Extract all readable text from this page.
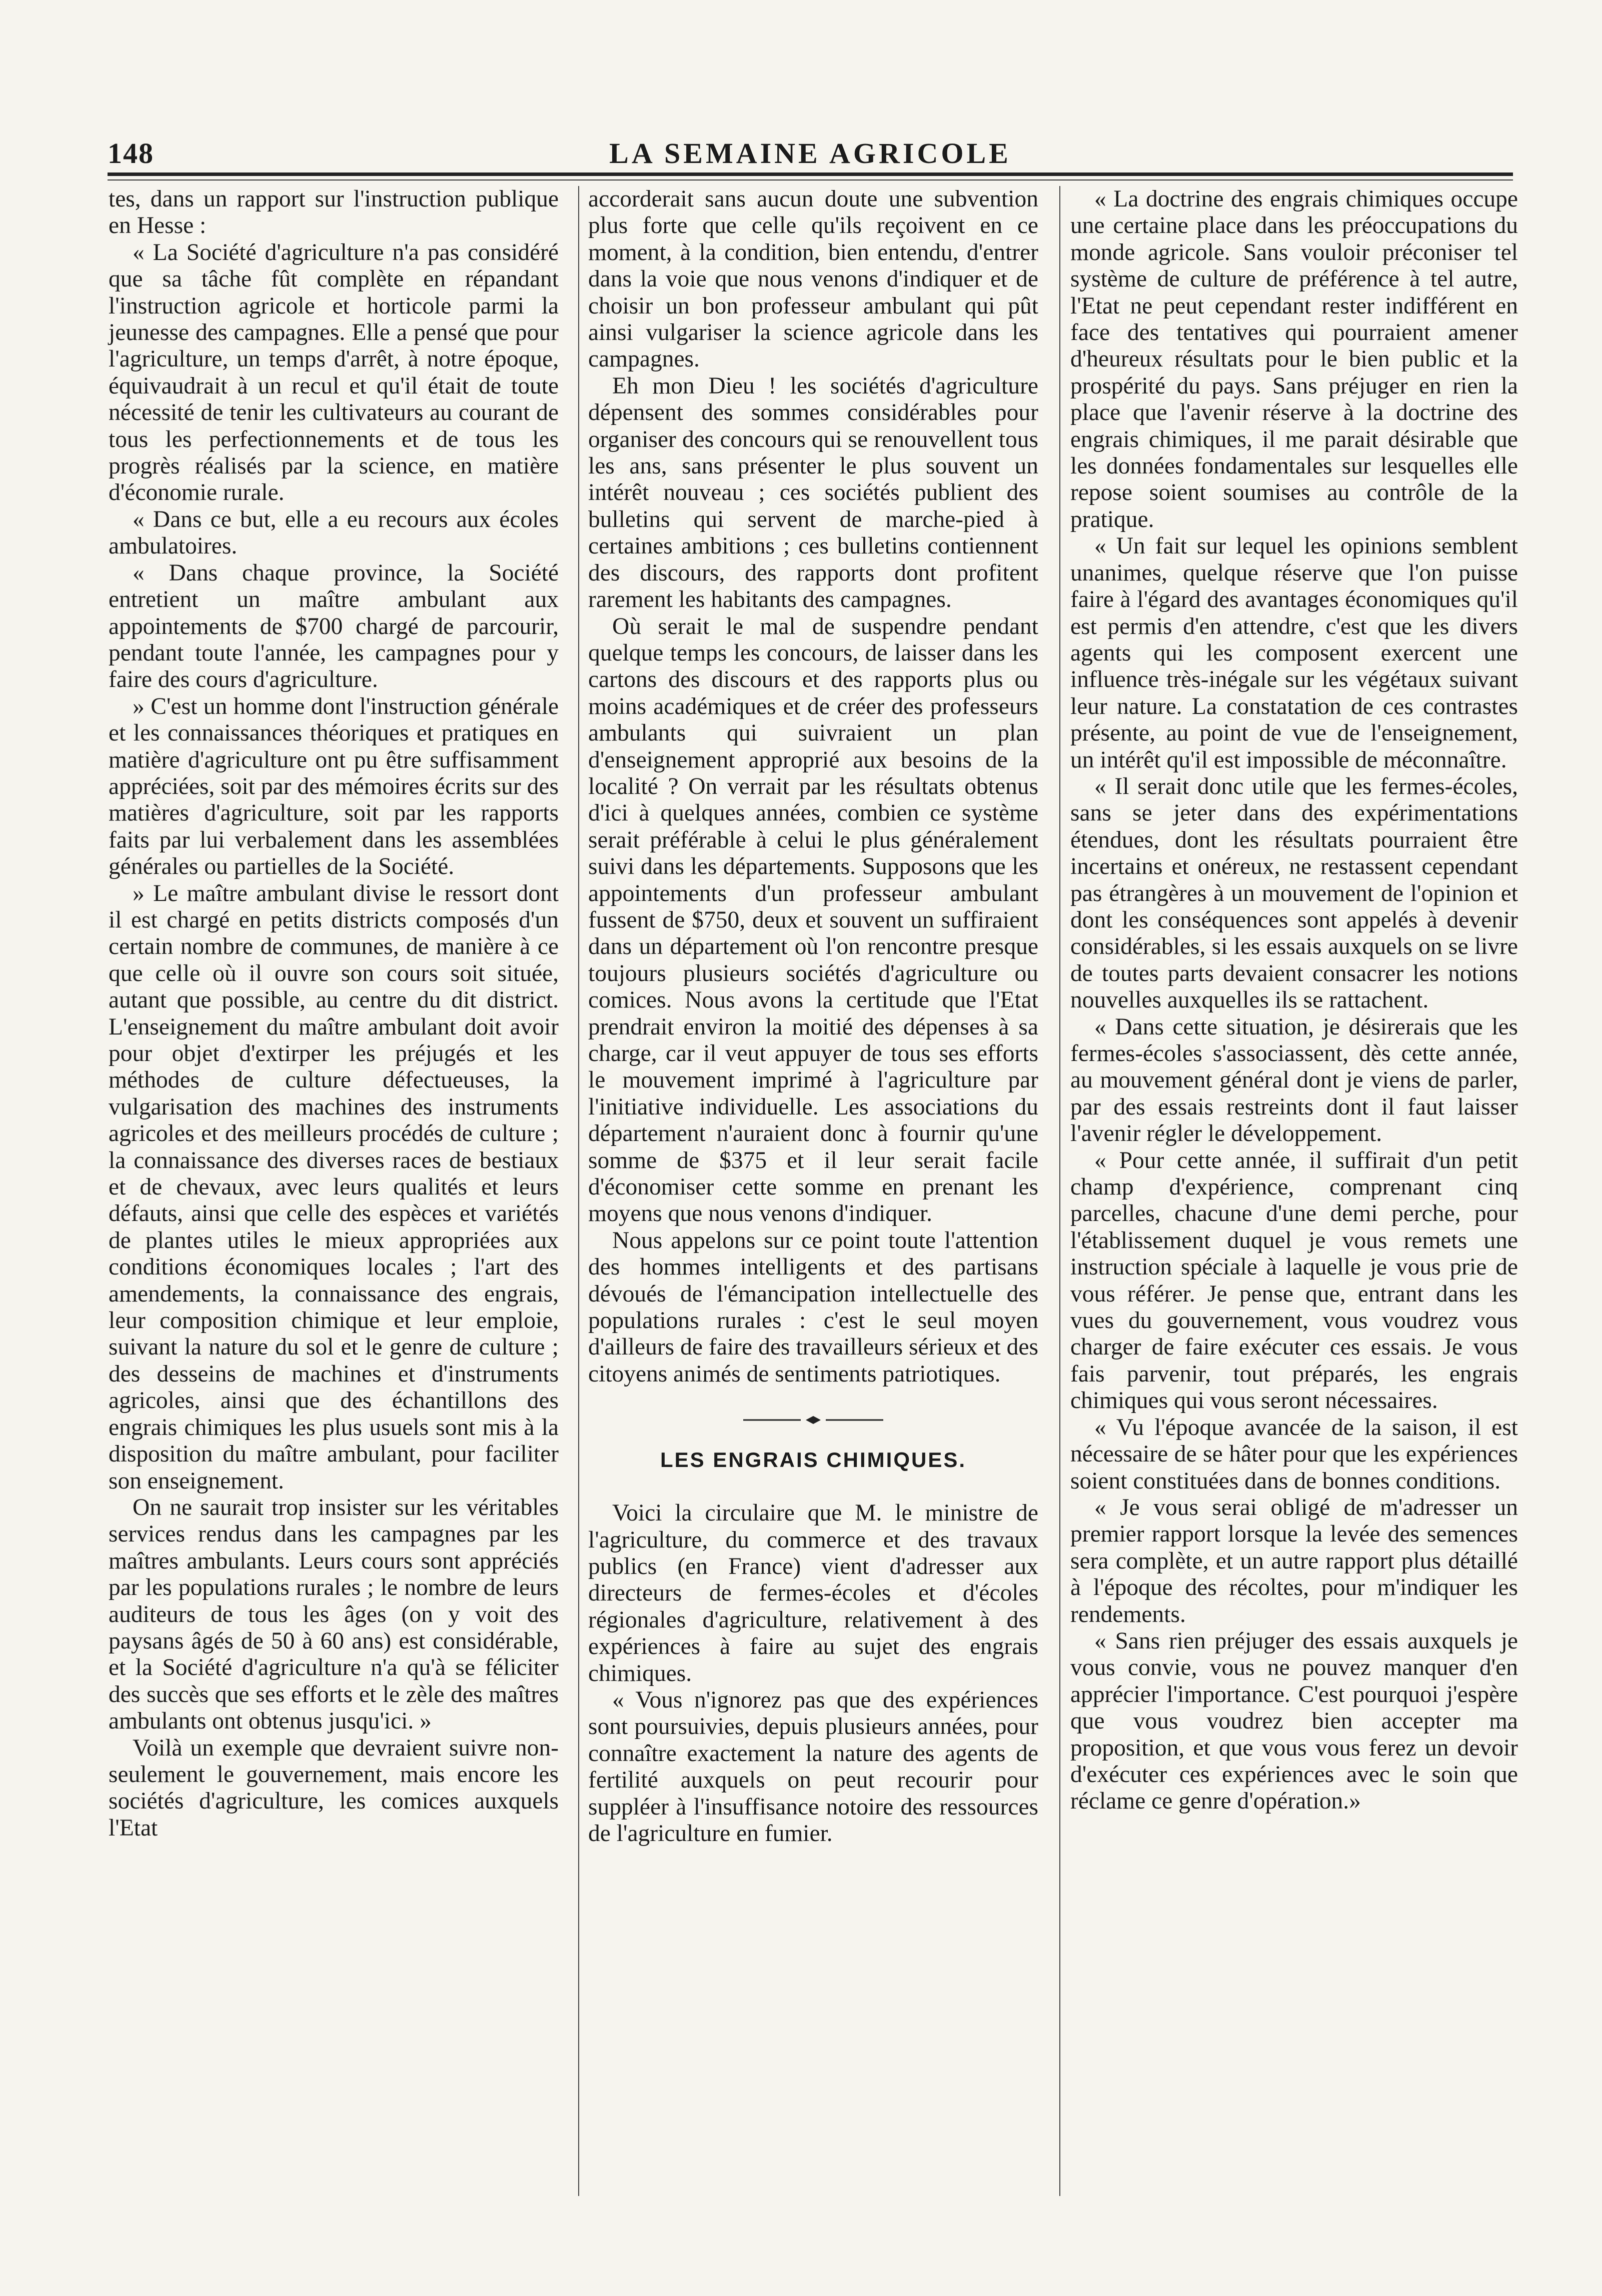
148	LA SEMAINE AGRICOLE

tes, dans un rapport sur l'instruction publique en Hesse :

« La Société d'agriculture n'a pas considéré que sa tâche fût complète en répandant l'instruction agricole et horticole parmi la jeunesse des campagnes. Elle a pensé que pour l'agriculture, un temps d'arrêt, à notre époque, équivaudrait à un recul et qu'il était de toute nécessité de tenir les cultivateurs au courant de tous les perfectionnements et de tous les progrès réalisés par la science, en matière d'économie rurale.

« Dans ce but, elle a eu recours aux écoles ambulatoires.

« Dans chaque province, la Société entretient un maître ambulant aux appointements de $700 chargé de parcourir, pendant toute l'année, les campagnes pour y faire des cours d'agriculture.

» C'est un homme dont l'instruction générale et les connaissances théoriques et pratiques en matière d'agriculture ont pu être suffisamment appréciées, soit par des mémoires écrits sur des matières d'agriculture, soit par les rapports faits par lui verbalement dans les assemblées générales ou partielles de la Société.

» Le maître ambulant divise le ressort dont il est chargé en petits districts composés d'un certain nombre de communes, de manière à ce que celle où il ouvre son cours soit située, autant que possible, au centre du dit district. L'enseignement du maître ambulant doit avoir pour objet d'extirper les préjugés et les méthodes de culture défectueuses, la vulgarisation des machines des instruments agricoles et des meilleurs procédés de culture ; la connaissance des diverses races de bestiaux et de chevaux, avec leurs qualités et leurs défauts, ainsi que celle des espèces et variétés de plantes utiles le mieux appropriées aux conditions économiques locales ; l'art des amendements, la connaissance des engrais, leur composition chimique et leur emploie, suivant la nature du sol et le genre de culture ; des desseins de machines et d'instruments agricoles, ainsi que des échantillons des engrais chimiques les plus usuels sont mis à la disposition du maître ambulant, pour faciliter son enseignement.

On ne saurait trop insister sur les véritables services rendus dans les campagnes par les maîtres ambulants. Leurs cours sont appréciés par les populations rurales ; le nombre de leurs auditeurs de tous les âges (on y voit des paysans âgés de 50 à 60 ans) est considérable, et la Société d'agriculture n'a qu'à se féliciter des succès que ses efforts et le zèle des maîtres ambulants ont obtenus jusqu'ici. »

Voilà un exemple que devraient suivre non-seulement le gouvernement, mais encore les sociétés d'agriculture, les comices auxquels l'Etat

accorderait sans aucun doute une subvention plus forte que celle qu'ils reçoivent en ce moment, à la condition, bien entendu, d'entrer dans la voie que nous venons d'indiquer et de choisir un bon professeur ambulant qui pût ainsi vulgariser la science agricole dans les campagnes.

Eh mon Dieu ! les sociétés d'agriculture dépensent des sommes considérables pour organiser des concours qui se renouvellent tous les ans, sans présenter le plus souvent un intérêt nouveau ; ces sociétés publient des bulletins qui servent de marche-pied à certaines ambitions ; ces bulletins contiennent des discours, des rapports dont profitent rarement les habitants des campagnes.

Où serait le mal de suspendre pendant quelque temps les concours, de laisser dans les cartons des discours et des rapports plus ou moins académiques et de créer des professeurs ambulants qui suivraient un plan d'enseignement approprié aux besoins de la localité ? On verrait par les résultats obtenus d'ici à quelques années, combien ce système serait préférable à celui le plus généralement suivi dans les départements. Supposons que les appointements d'un professeur ambulant fussent de $750, deux et souvent un suffiraient dans un département où l'on rencontre presque toujours plusieurs sociétés d'agriculture ou comices. Nous avons la certitude que l'Etat prendrait environ la moitié des dépenses à sa charge, car il veut appuyer de tous ses efforts le mouvement imprimé à l'agriculture par l'initiative individuelle. Les associations du département n'auraient donc à fournir qu'une somme de $375 et il leur serait facile d'économiser cette somme en prenant les moyens que nous venons d'indiquer.

Nous appelons sur ce point toute l'attention des hommes intelligents et des partisans dévoués de l'émancipation intellectuelle des populations rurales : c'est le seul moyen d'ailleurs de faire des travailleurs sérieux et des citoyens animés de sentiments patriotiques.

LES ENGRAIS CHIMIQUES.

Voici la circulaire que M. le ministre de l'agriculture, du commerce et des travaux publics (en France) vient d'adresser aux directeurs de fermes-écoles et d'écoles régionales d'agriculture, relativement à des expériences à faire au sujet des engrais chimiques.

« Vous n'ignorez pas que des expériences sont poursuivies, depuis plusieurs années, pour connaître exactement la nature des agents de fertilité auxquels on peut recourir pour suppléer à l'insuffisance notoire des ressources de l'agriculture en fumier.

« La doctrine des engrais chimiques occupe une certaine place dans les préoccupations du monde agricole. Sans vouloir préconiser tel système de culture de préférence à tel autre, l'Etat ne peut cependant rester indifférent en face des tentatives qui pourraient amener d'heureux résultats pour le bien public et la prospérité du pays. Sans préjuger en rien la place que l'avenir réserve à la doctrine des engrais chimiques, il me parait désirable que les données fondamentales sur lesquelles elle repose soient soumises au contrôle de la pratique.

« Un fait sur lequel les opinions semblent unanimes, quelque réserve que l'on puisse faire à l'égard des avantages économiques qu'il est permis d'en attendre, c'est que les divers agents qui les composent exercent une influence très-inégale sur les végétaux suivant leur nature. La constatation de ces contrastes présente, au point de vue de l'enseignement, un intérêt qu'il est impossible de méconnaître.

« Il serait donc utile que les fermes-écoles, sans se jeter dans des expérimentations étendues, dont les résultats pourraient être incertains et onéreux, ne restassent cependant pas étrangères à un mouvement de l'opinion et dont les conséquences sont appelés à devenir considérables, si les essais auxquels on se livre de toutes parts devaient consacrer les notions nouvelles auxquelles ils se rattachent.

« Dans cette situation, je désirerais que les fermes-écoles s'associassent, dès cette année, au mouvement général dont je viens de parler, par des essais restreints dont il faut laisser l'avenir régler le développement.

« Pour cette année, il suffirait d'un petit champ d'expérience, comprenant cinq parcelles, chacune d'une demi perche, pour l'établissement duquel je vous remets une instruction spéciale à laquelle je vous prie de vous référer. Je pense que, entrant dans les vues du gouvernement, vous voudrez vous charger de faire exécuter ces essais. Je vous fais parvenir, tout préparés, les engrais chimiques qui vous seront nécessaires.

« Vu l'époque avancée de la saison, il est nécessaire de se hâter pour que les expériences soient constituées dans de bonnes conditions.

« Je vous serai obligé de m'adresser un premier rapport lorsque la levée des semences sera complète, et un autre rapport plus détaillé à l'époque des récoltes, pour m'indiquer les rendements.

« Sans rien préjuger des essais auxquels je vous convie, vous ne pouvez manquer d'en apprécier l'importance. C'est pourquoi j'espère que vous voudrez bien accepter ma proposition, et que vous vous ferez un devoir d'exécuter ces expériences avec le soin que réclame ce genre d'opération.»
